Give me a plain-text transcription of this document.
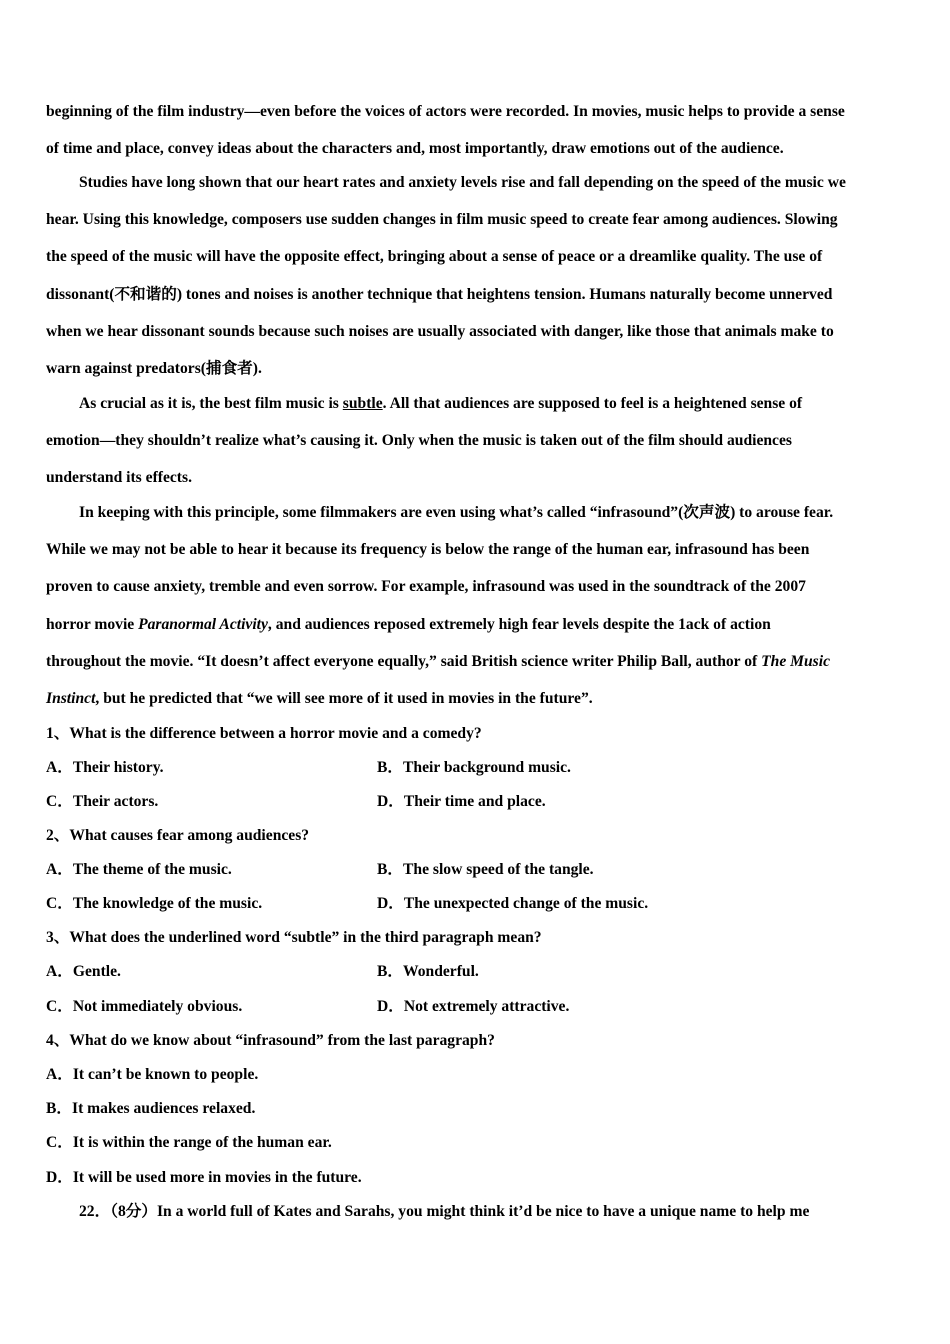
beginning of the film industry—even before the voices of actors were recorded. In movies, music helps to provide a sense
of time and place, convey ideas about the characters and, most importantly, draw emotions out of the audience.
Studies have long shown that our heart rates and anxiety levels rise and fall depending on the speed of the music we
hear. Using this knowledge, composers use sudden changes in film music speed to create fear among audiences. Slowing
the speed of the music will have the opposite effect, bringing about a sense of peace or a dreamlike quality. The use of
dissonant(不和谐的) tones and noises is another technique that heightens tension. Humans naturally become unnerved
when we hear dissonant sounds because such noises are usually associated with danger, like those that animals make to
warn against predators(捕食者).
As crucial as it is, the best film music is subtle. All that audiences are supposed to feel is a heightened sense of
emotion—they shouldn’t realize what’s causing it. Only when the music is taken out of the film should audiences
understand its effects.
In keeping with this principle, some filmmakers are even using what’s called “infrasound”(次声波) to arouse fear.
While we may not be able to hear it because its frequency is below the range of the human ear, infrasound has been
proven to cause anxiety, tremble and even sorrow. For example, infrasound was used in the soundtrack of the 2007
horror movie Paranormal Activity, and audiences reposed extremely high fear levels despite the 1ack of action
throughout the movie. “It doesn’t affect everyone equally,” said British science writer Philip Ball, author of The Music
Instinct, but he predicted that “we will see more of it used in movies in the future”.
1、What is the difference between a horror movie and a comedy?
A．Their history.	B．Their background music.
C．Their actors.	D．Their time and place.
2、What causes fear among audiences?
A．The theme of the music.	B．The slow speed of the tangle.
C．The knowledge of the music.	D．The unexpected change of the music.
3、What does the underlined word “subtle” in the third paragraph mean?
A．Gentle.	B．Wonderful.
C．Not immediately obvious.	D．Not extremely attractive.
4、What do we know about “infrasound” from the last paragraph?
A．It can’t be known to people.
B．It makes audiences relaxed.
C．It is within the range of the human ear.
D．It will be used more in movies in the future.
22．（8分）In a world full of Kates and Sarahs, you might think it’d be nice to have a unique name to help me
